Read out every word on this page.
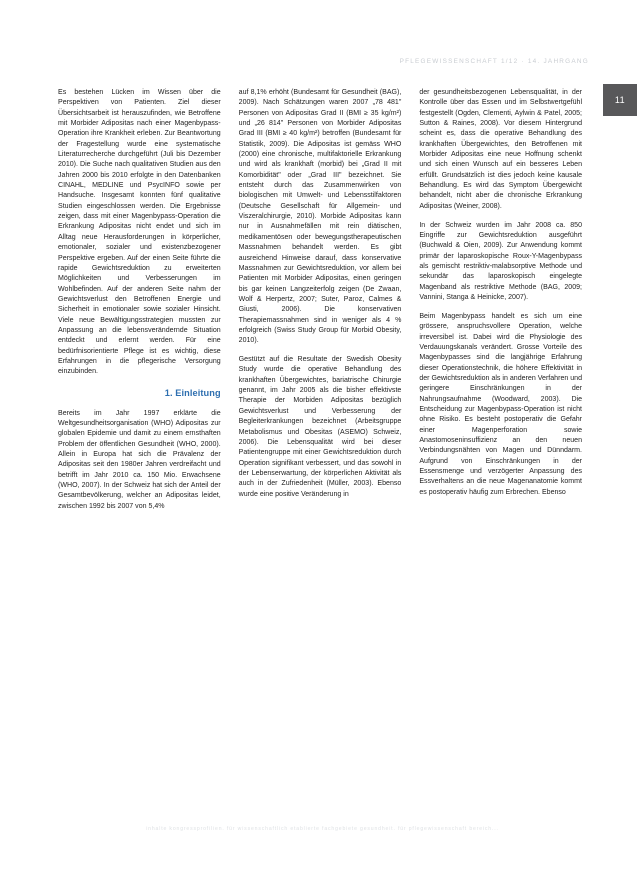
PFLEGEWISSENSCHAFT 1/12 · 14. JAHRGANG
11

Es bestehen Lücken im Wissen über die Perspektiven von Patienten. Ziel dieser Übersichtsarbeit ist herauszufinden, wie Betroffene mit Morbider Adipositas nach einer Magenbypass-Operation ihre Krankheit erleben. Zur Beantwortung der Fragestellung wurde eine systematische Literaturrecherche durchgeführt (Juli bis Dezember 2010). Die Suche nach qualitativen Studien aus den Jahren 2000 bis 2010 erfolgte in den Datenbanken CINAHL, MEDLINE und PsycINFO sowie per Handsuche. Insgesamt konnten fünf qualitative Studien eingeschlossen werden. Die Ergebnisse zeigen, dass mit einer Magenbypass-Operation die Erkrankung Adipositas nicht endet und sich im Alltag neue Herausforderungen in körperlicher, emotionaler, sozialer und existenzbezogener Perspektive ergeben. Auf der einen Seite führte die rapide Gewichtsreduktion zu erweiterten Möglichkeiten und Verbesserungen im Wohlbefinden. Auf der anderen Seite nahm der Gewichtsverlust den Betroffenen Energie und Sicherheit in emotionaler sowie sozialer Hinsicht. Viele neue Bewältigungsstrategien mussten zur Anpassung an die lebensverändernde Situation entdeckt und erlernt werden. Für eine bedürfnisorientierte Pflege ist es wichtig, diese Erfahrungen in die pflegerische Versorgung einzubinden.

1. Einleitung

Bereits im Jahr 1997 erklärte die Weltgesundheitsorganisation (WHO) Adipositas zur globalen Epidemie und damit zu einem ernsthaften Problem der öffentlichen Gesundheit (WHO, 2000). Allein in Europa hat sich die Prävalenz der Adipositas seit den 1980er Jahren verdreifacht und betrifft im Jahr 2010 ca. 150 Mio. Erwachsene (WHO, 2007). In der Schweiz hat sich der Anteil der Gesamtbevölkerung, welcher an Adipositas leidet, zwischen 1992 bis 2007 von 5,4%

auf 8,1% erhöht (Bundesamt für Gesundheit (BAG), 2009). Nach Schätzungen waren 2007 „78 481" Personen von Adipositas Grad II (BMI ≥ 35 kg/m²) und „26 814" Personen von Morbider Adipositas Grad III (BMI ≥ 40 kg/m²) betroffen (Bundesamt für Statistik, 2009). Die Adipositas ist gemäss WHO (2000) eine chronische, multifaktorielle Erkrankung und wird als krankhaft (morbid) bei „Grad II mit Komorbidität" oder „Grad III" bezeichnet. Sie entsteht durch das Zusammenwirken von biologischen mit Umwelt- und Lebensstilfaktoren (Deutsche Gesellschaft für Allgemein- und Viszeralchirurgie, 2010). Morbide Adipositas kann nur in Ausnahmefällen mit rein diätischen, medikamentösen oder bewegungstherapeutischen Massnahmen behandelt werden. Es gibt ausreichend Hinweise darauf, dass konservative Massnahmen zur Gewichtsreduktion, vor allem bei Patienten mit Morbider Adipositas, einen geringen bis gar keinen Langzeiterfolg zeigen (De Zwaan, Wolf & Herpertz, 2007; Suter, Paroz, Calmes & Giusti, 2006). Die konservativen Therapiemassnahmen sind in weniger als 4 % erfolgreich (Swiss Study Group für Morbid Obesity, 2010).

Gestützt auf die Resultate der Swedish Obesity Study wurde die operative Behandlung des krankhaften Übergewichtes, bariatrische Chirurgie genannt, im Jahr 2005 als die bisher effektivste Therapie der Morbiden Adipositas bezüglich Gewichtsverlust und Verbesserung der Begleiterkrankungen bezeichnet (Arbeitsgruppe Metabolismus und Obesitas (ASEMO) Schweiz, 2006). Die Lebensqualität wird bei dieser Patientengruppe mit einer Gewichtsreduktion durch Operation signifikant verbessert, und das sowohl in der Lebenserwartung, der körperlichen Aktivität als auch in der Zufriedenheit (Müller, 2003). Ebenso wurde eine positive Veränderung in

der gesundheitsbezogenen Lebensqualität, in der Kontrolle über das Essen und im Selbstwertgefühl festgestellt (Ogden, Clementi, Aylwin & Patel, 2005; Sutton & Raines, 2008). Vor diesem Hintergrund scheint es, dass die operative Behandlung des krankhaften Übergewichtes, den Betroffenen mit Morbider Adipositas eine neue Hoffnung schenkt und sich einen Wunsch auf ein besseres Leben erfüllt. Grundsätzlich ist dies jedoch keine kausale Behandlung. Es wird das Symptom Übergewicht behandelt, nicht aber die chronische Erkrankung Adipositas (Weiner, 2008).

In der Schweiz wurden im Jahr 2008 ca. 850 Eingriffe zur Gewichtsreduktion ausgeführt (Buchwald & Oien, 2009). Zur Anwendung kommt primär der laparoskopische Roux-Y-Magenbypass als gemischt restriktiv-malabsorptive Methode und sekundär das laparoskopisch eingelegte Magenband als restriktive Methode (BAG, 2009; Vannini, Stanga & Heinicke, 2007).

Beim Magenbypass handelt es sich um eine grössere, anspruchsvollere Operation, welche irreversibel ist. Dabei wird die Physiologie des Verdauungskanals verändert. Grosse Vorteile des Magenbypasses sind die langjährige Erfahrung dieser Operationstechnik, die höhere Effektivität in der Gewichtsreduktion als in anderen Verfahren und geringere Einschränkungen in der Nahrungsaufnahme (Woodward, 2003). Die Entscheidung zur Magenbypass-Operation ist nicht ohne Risiko. Es besteht postoperativ die Gefahr einer Magenperforation sowie Anastomoseninsuffizienz an den neuen Verbindungsnähten von Magen und Dünndarm. Aufgrund von Einschränkungen in der Essensmenge und verzögerter Anpassung des Essverhaltens an die neue Magenanatomie kommt es postoperativ häufig zum Erbrechen. Ebenso

inhalte kongressprofilien. für wissenschaftlich etablierte fachgebiete gesundheit. für pflegewissenschaft bereich...
